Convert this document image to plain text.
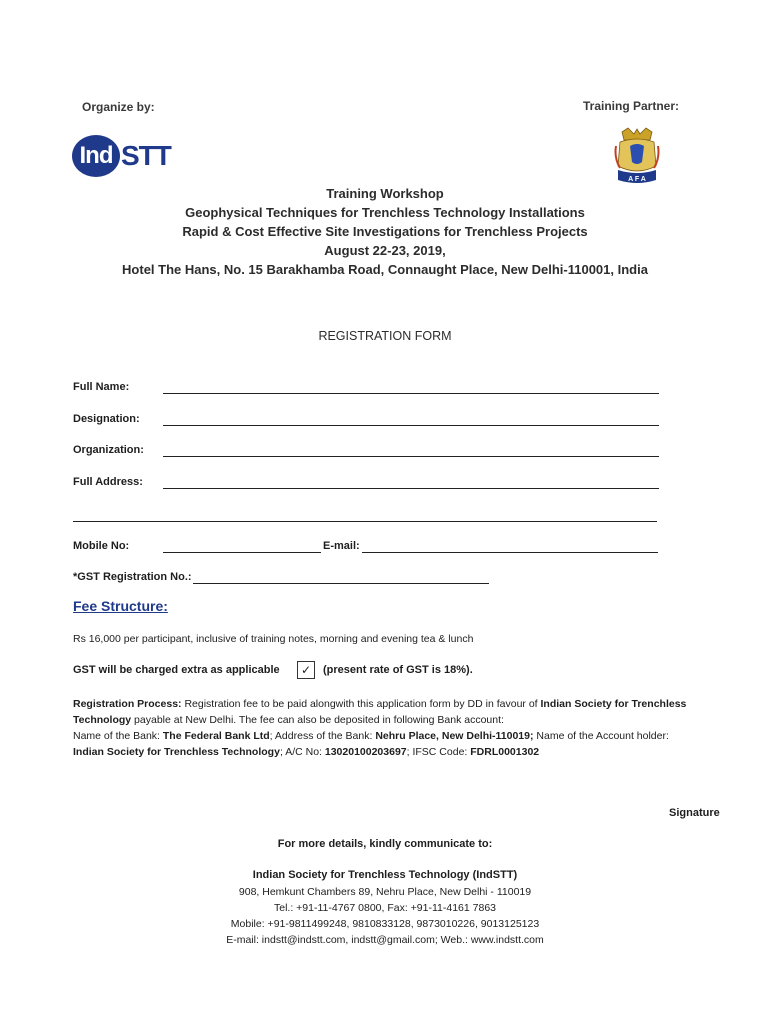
Organize by:	Training Partner:
Ind STT
A F A
Training Workshop
Geophysical Techniques for Trenchless Technology Installations
Rapid & Cost Effective Site Investigations for Trenchless Projects
August 22-23, 2019,
Hotel The Hans, No. 15 Barakhamba Road, Connaught Place, New Delhi-110001, India
REGISTRATION FORM
Full Name:
Designation:
Organization:
Full Address:
Mobile No:	E-mail:
*GST Registration No.:
Fee Structure:
Rs 16,000 per participant, inclusive of training notes, morning and evening tea & lunch
GST will be charged extra as applicable	✓	(present rate of GST is 18%).
Registration Process: Registration fee to be paid alongwith this application form by DD in favour of Indian Society for Trenchless Technology payable at New Delhi. The fee can also be deposited in following Bank account:
Name of the Bank: The Federal Bank Ltd; Address of the Bank: Nehru Place, New Delhi-110019; Name of the Account holder:
Indian Society for Trenchless Technology; A/C No: 13020100203697; IFSC Code: FDRL0001302
Signature
For more details, kindly communicate to:
Indian Society for Trenchless Technology (IndSTT)
908, Hemkunt Chambers 89, Nehru Place, New Delhi - 110019
Tel.: +91-11-4767 0800, Fax: +91-11-4161 7863
Mobile: +91-9811499248, 9810833128, 9873010226, 9013125123
E-mail: indstt@indstt.com, indstt@gmail.com; Web.: www.indstt.com
